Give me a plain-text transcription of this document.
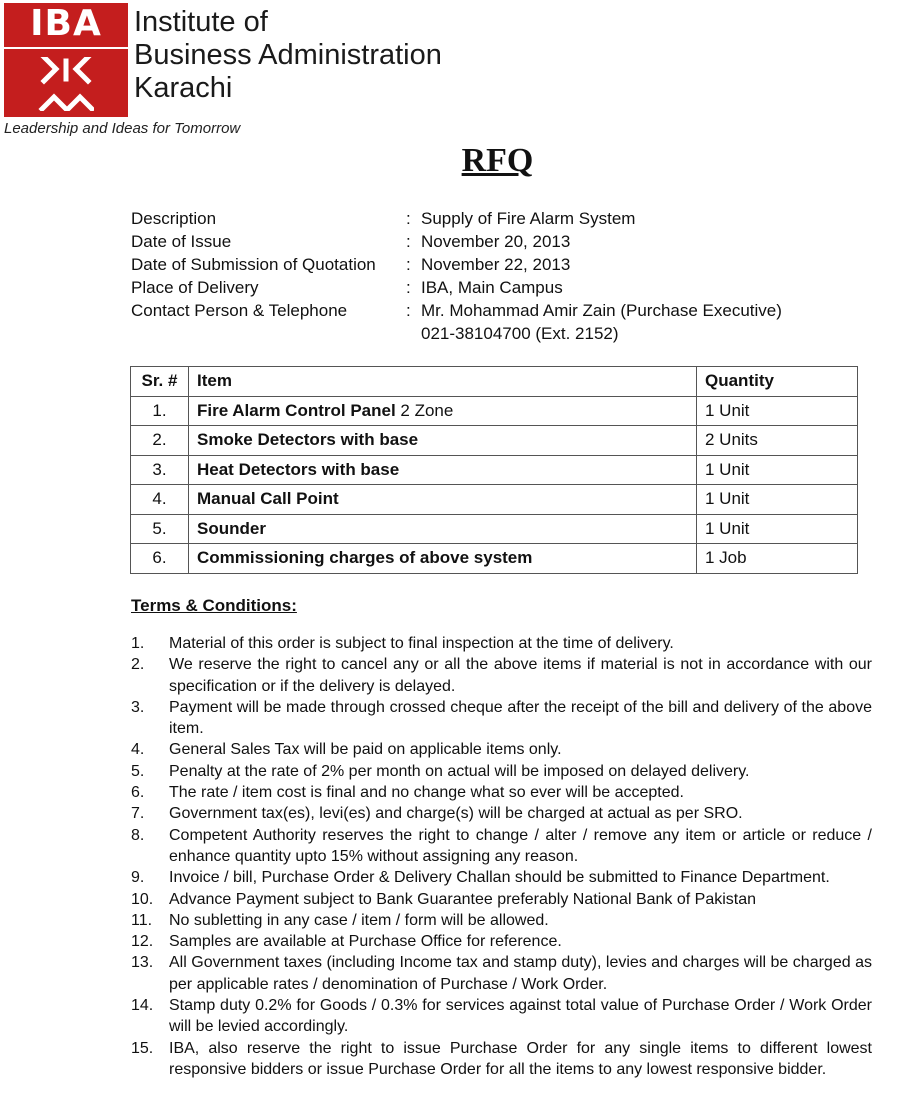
IBA	Institute of
Business Administration
Karachi
Leadership and Ideas for Tomorrow
RFQ
Description	: Supply of Fire Alarm System
Date of Issue	: November 20, 2013
Date of Submission of Quotation : November 22, 2013
Place of Delivery	: IBA, Main Campus
Contact Person & Telephone	: Mr. Mohammad Amir Zain (Purchase Executive)
021-38104700 (Ext. 2152)
Sr. #	Item	Quantity
1.	Fire Alarm Control Panel 2 Zone	1 Unit
2.	Smoke Detectors with base	2 Units
3.	Heat Detectors with base	1 Unit
4.	Manual Call Point	1 Unit
5.	Sounder	1 Unit
6.	Commissioning charges of above system	1 Job
Terms & Conditions:
1. Material of this order is subject to final inspection at the time of delivery.
2. We reserve the right to cancel any or all the above items if material is not in accordance with our specification or if the delivery is delayed.
3. Payment will be made through crossed cheque after the receipt of the bill and delivery of the above item.
4. General Sales Tax will be paid on applicable items only.
5. Penalty at the rate of 2% per month on actual will be imposed on delayed delivery.
6. The rate / item cost is final and no change what so ever will be accepted.
7. Government tax(es), levi(es) and charge(s) will be charged at actual as per SRO.
8. Competent Authority reserves the right to change / alter / remove any item or article or reduce / enhance quantity upto 15% without assigning any reason.
9. Invoice / bill, Purchase Order & Delivery Challan should be submitted to Finance Department.
10. Advance Payment subject to Bank Guarantee preferably National Bank of Pakistan
11. No subletting in any case / item / form will be allowed.
12. Samples are available at Purchase Office for reference.
13. All Government taxes (including Income tax and stamp duty), levies and charges will be charged as per applicable rates / denomination of Purchase / Work Order.
14. Stamp duty 0.2% for Goods / 0.3% for services against total value of Purchase Order / Work Order will be levied accordingly.
15. IBA, also reserve the right to issue Purchase Order for any single items to different lowest responsive bidders or issue Purchase Order for all the items to any lowest responsive bidder.
